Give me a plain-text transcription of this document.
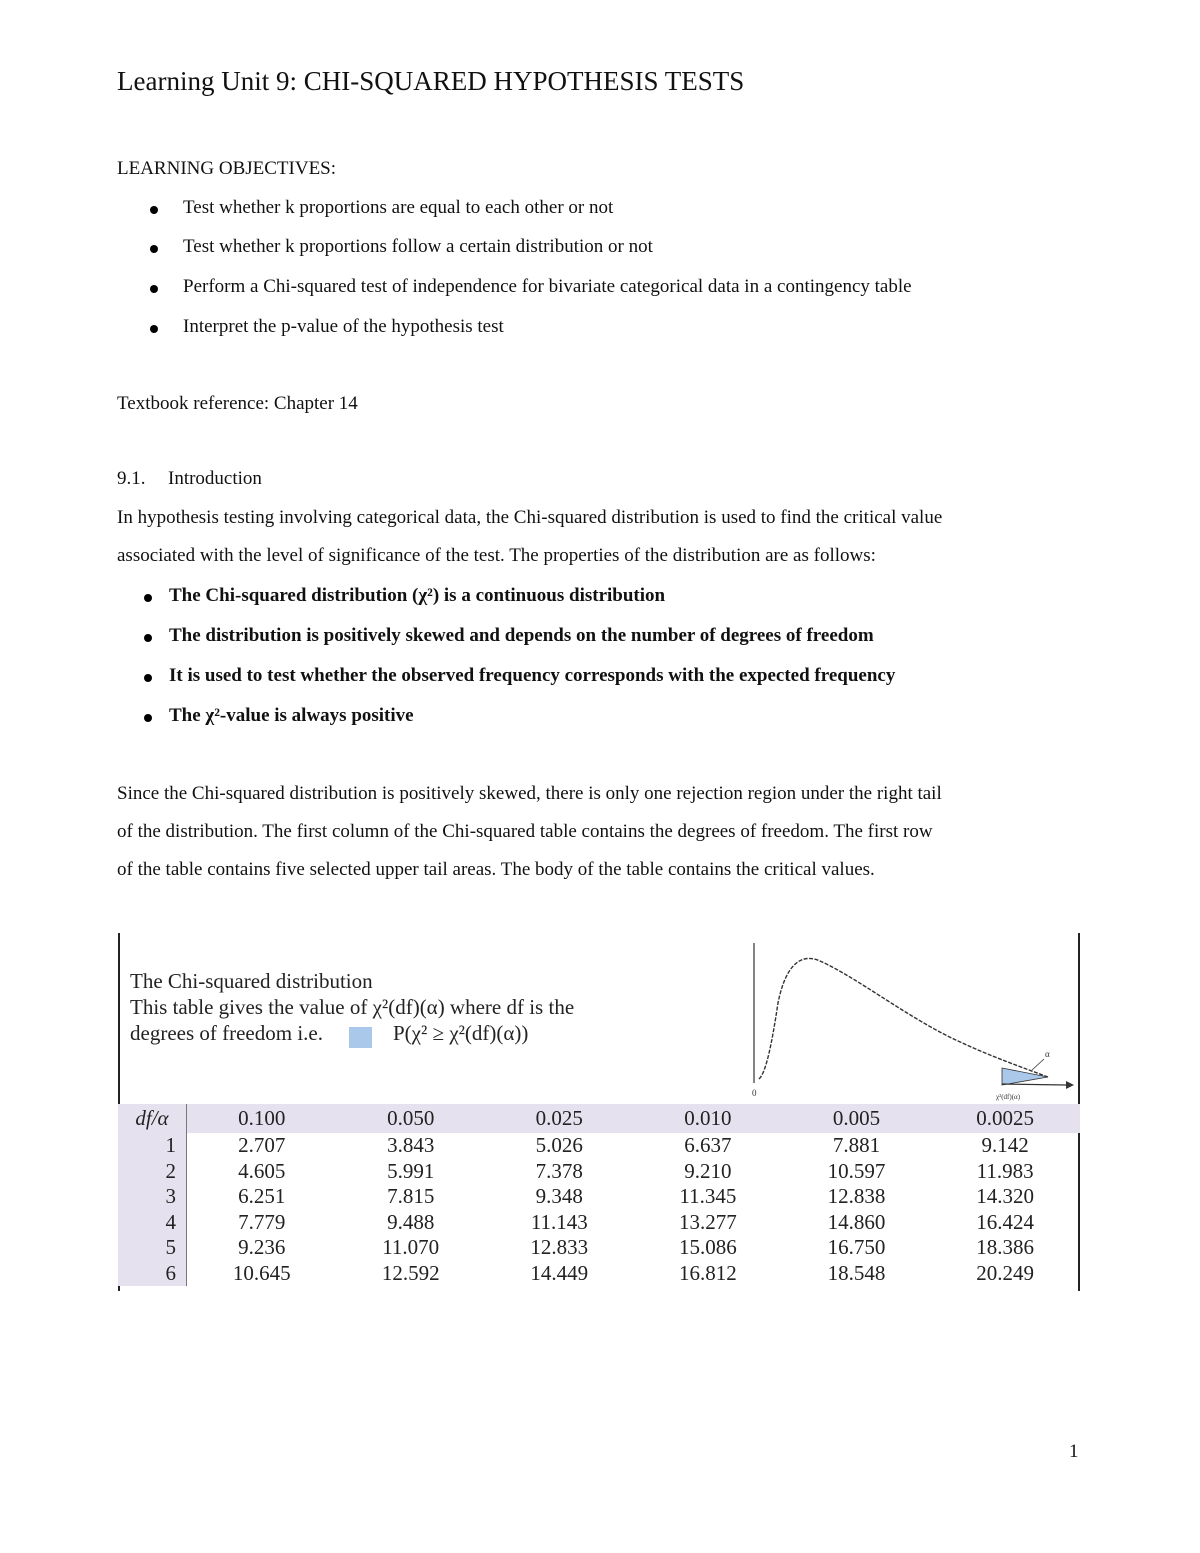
Learning Unit 9: CHI-SQUARED HYPOTHESIS TESTS
LEARNING OBJECTIVES:
Test whether k proportions are equal to each other or not
Test whether k proportions follow a certain distribution or not
Perform a Chi-squared test of independence for bivariate categorical data in a contingency table
Interpret the p-value of the hypothesis test
Textbook reference: Chapter 14
9.1. Introduction
In hypothesis testing involving categorical data, the Chi-squared distribution is used to find the critical value
associated with the level of significance of the test. The properties of the distribution are as follows:
The Chi-squared distribution (χ²) is a continuous distribution
The distribution is positively skewed and depends on the number of degrees of freedom
It is used to test whether the observed frequency corresponds with the expected frequency
The χ²-value is always positive
Since the Chi-squared distribution is positively skewed, there is only one rejection region under the right tail
of the distribution. The first column of the Chi-squared table contains the degrees of freedom. The first row
of the table contains five selected upper tail areas. The body of the table contains the critical values.
The Chi-squared distribution
This table gives the value of χ²(df)(α) where df is the
degrees of freedom i.e.	P(χ² ≥ χ²(df)(α))
0
α
χ²(df)(α)
df/α	0.100	0.050	0.025	0.010	0.005	0.0025
1	2.707	3.843	5.026	6.637	7.881	9.142
2	4.605	5.991	7.378	9.210	10.597	11.983
3	6.251	7.815	9.348	11.345	12.838	14.320
4	7.779	9.488	11.143	13.277	14.860	16.424
5	9.236	11.070	12.833	15.086	16.750	18.386
6	10.645	12.592	14.449	16.812	18.548	20.249
1
